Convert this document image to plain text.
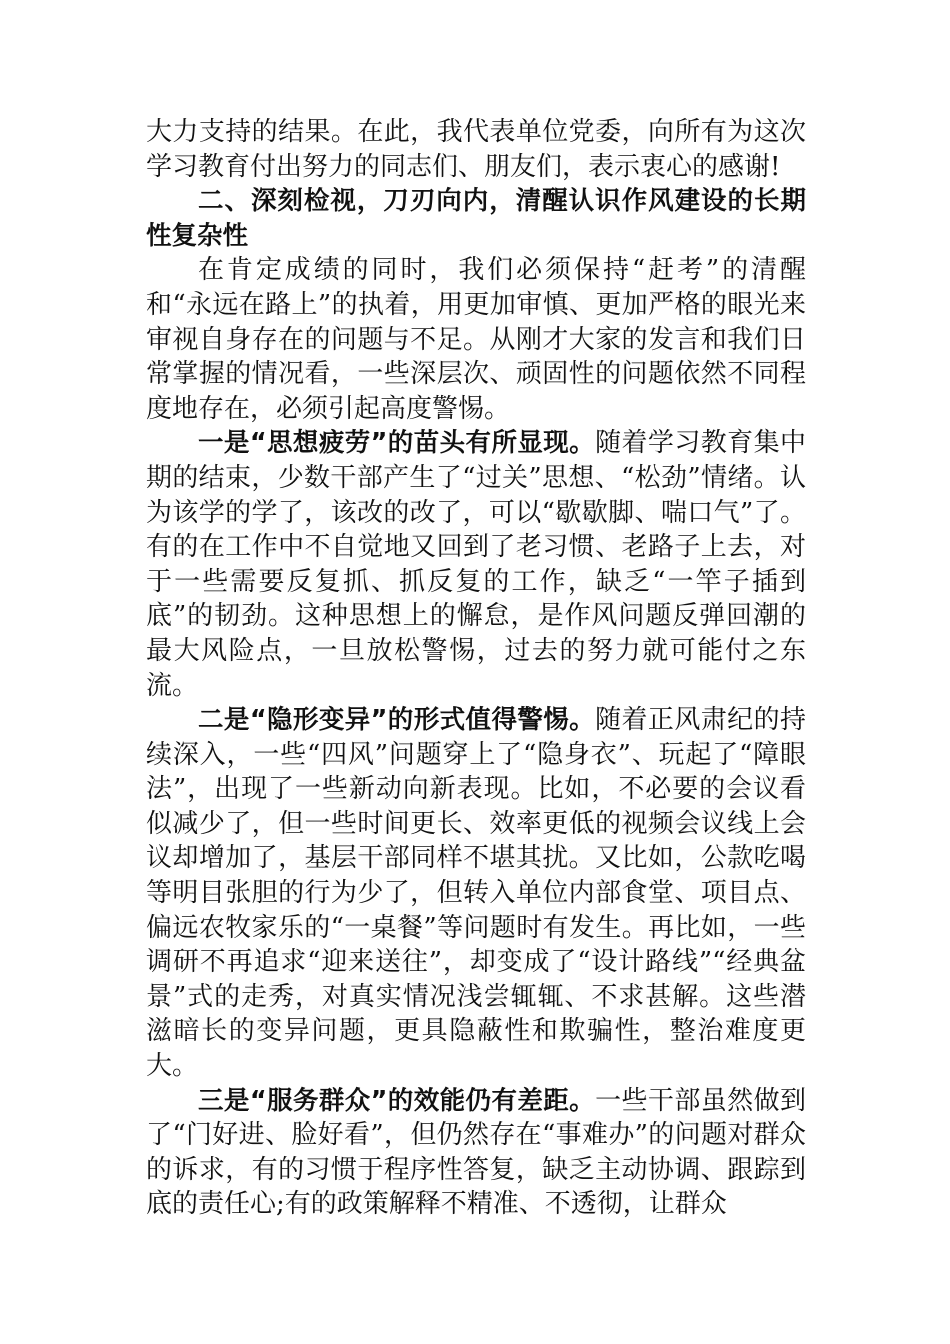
大力支持的结果。在此，我代表单位党委，向所有为这次学习教育付出努力的同志们、朋友们，表示衷心的感谢!

二、深刻检视，刀刃向内，清醒认识作风建设的长期性复杂性

在肯定成绩的同时，我们必须保持“赶考”的清醒和“永远在路上”的执着，用更加审慎、更加严格的眼光来审视自身存在的问题与不足。从刚才大家的发言和我们日常掌握的情况看，一些深层次、顽固性的问题依然不同程度地存在，必须引起高度警惕。

一是“思想疲劳”的苗头有所显现。随着学习教育集中期的结束，少数干部产生了“过关”思想、“松劲”情绪。认为该学的学了，该改的改了，可以“歇歇脚、喘口气”了。有的在工作中不自觉地又回到了老习惯、老路子上去，对于一些需要反复抓、抓反复的工作，缺乏“一竿子插到底”的韧劲。这种思想上的懈怠，是作风问题反弹回潮的最大风险点，一旦放松警惕，过去的努力就可能付之东流。

二是“隐形变异”的形式值得警惕。随着正风肃纪的持续深入，一些“四风”问题穿上了“隐身衣”、玩起了“障眼法”，出现了一些新动向新表现。比如，不必要的会议看似减少了，但一些时间更长、效率更低的视频会议线上会议却增加了，基层干部同样不堪其扰。又比如，公款吃喝等明目张胆的行为少了，但转入单位内部食堂、项目点、偏远农牧家乐的“一桌餐”等问题时有发生。再比如，一些调研不再追求“迎来送往”，却变成了“设计路线”“经典盆景”式的走秀，对真实情况浅尝辄辄、不求甚解。这些潜滋暗长的变异问题，更具隐蔽性和欺骗性，整治难度更大。

三是“服务群众”的效能仍有差距。一些干部虽然做到了“门好进、脸好看”，但仍然存在“事难办”的问题对群众的诉求，有的习惯于程序性答复，缺乏主动协调、跟踪到底的责任心;有的政策解释不精准、不透彻，让群众
